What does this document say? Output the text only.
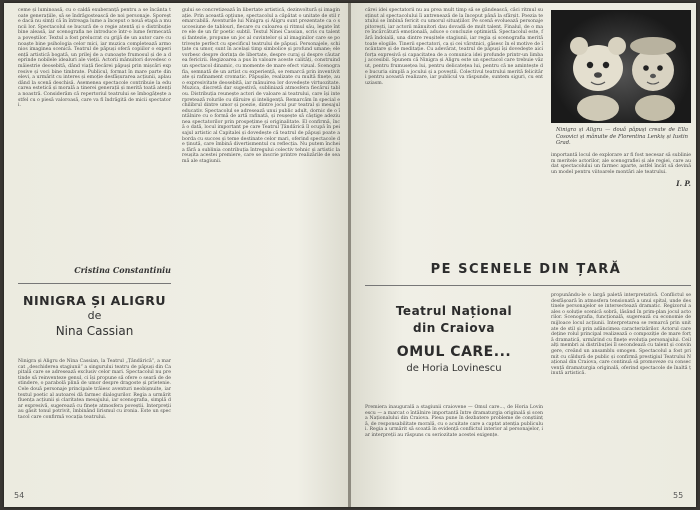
ceme și luminoasă, cu o caldă exuberanță pentru a se încânta toate generațiile, să se îndrăgostească de noi personaje. Sporește dacă nu simți că în întreaga lume a început o nouă etapă a muncii lor. Spectacolul se bucură de o regie atentă și o distribuție bine aleasă, iar scenografia ne introduce într-o lume fermecată a poveștilor. Textul a fost prelucrat cu grijă de un autor care cunoaște bine psihologia celor mici, iar muzica completează armonios imaginea scenică. Teatrul de păpuși oferă copiilor o experiență artistică bogată, un prilej de a cunoaște frumosul și de a deprinde nobilele idealuri ale vieții. Actorii mânuitori dovedesc o măiestrie deosebită, dând viață fiecărei păpuși prin mișcări expresive și voci bine timbrate. Publicul, format în mare parte din elevi, a urmărit cu interes și emoție desfășurarea acțiunii, aplaudând la scenă deschisă. Asemenea spectacole contribuie la educarea estetică și morală a tinerei generații și merită toată atenția noastră. Considerăm că repertoriul teatrului se îmbogățește astfel cu o piesă valoroasă, care va fi îndrăgită de micii spectatori.

Cristina Constantiniu

NINIGRA ȘI ALIGRU

de

Nina Cassian

Ninigra și Aligru de Nina Cassian, la Teatrul „Țăndărică”, a marcat „deschiderea stagiunii” a singurului teatru de păpuși din Capitală care se adresează exclusiv celor mari. Spectacolul nu pretinde să reinventeze genul, ci își propune să ofere o seară de destindere, o parabolă plină de umor despre dragoste și prietenie. Cele două personaje principale trăiesc aventuri neobișnuite, iar textul poetic al autoarei dă farmec dialogurilor. Regia a urmărit fluența acțiunii și claritatea mesajului, iar scenografia, simplă dar expresivă, sugerează cu finețe atmosfera poveștii. Interpreții au găsit tonul potrivit, îmbinând lirismul cu ironia. Este un spectacol care confirmă vocația teatrului.

gului se concretizează în libertate artistică, dezinvoltură și imaginație. Prin această opțiune, spectacolul a căpătat o unitate de stil remarcabilă. Aventurile lui Ninigra și Aligru sunt prezentate ca o succesiune de tablouri, fiecare cu culoarea și ritmul său, legate între ele de un fir poetic subtil. Textul Ninei Cassian, scris cu talent și fantezie, propune un joc al cuvintelor și al imaginilor care se potrivește perfect cu specificul teatrului de păpuși. Personajele, schițate cu umor, sunt în același timp simbolice și profund umane; ele vorbesc despre dorința de libertate, despre curaj și despre căutarea fericirii. Regizoarea a pus în valoare aceste calități, construind un spectacol dinamic, cu momente de mare efect vizual. Scenografia, semnată de un artist cu experiență, se remarcă prin inventivitate și rafinament cromatic. Păpușile, realizate cu multă finețe, au o expresivitate deosebită, iar mânuirea lor dovedește virtuozitate. Muzica, discretă dar sugestivă, subliniază atmosfera fiecărui tablou. Distribuția reunește actori de valoare ai teatrului, care își interpretează rolurile cu dăruire și inteligență. Remarcăm în special echilibrul dintre umor și poezie, dintre jocul pur teatral și mesajul educativ. Spectacolul se adresează unui public adult, dornic de o întâlnire cu o formă de artă rafinată, și reușește să câștige adeziunea spectatorilor prin prospețime și originalitate. El confirmă, încă o dată, locul important pe care Teatrul Țăndărică îl ocupă în peisajul artistic al Capitalei și dovedește că teatrul de păpuși poate aborda cu succes și teme destinate celor mari, oferind spectacole de ținută, care îmbină divertismentul cu reflecția. Nu putem încheia fără a sublinia contribuția întregului colectiv tehnic și artistic la reușita acestei premiere, care se înscrie printre realizările de seamă ale stagiunii.

54

cărei idei spectatorii nu au prea mult timp să se gândească, căci ritmul susținut al spectacolului îi antrenează de la început până la sfârșit. Poezia textului se îmbină fericit cu umorul situațiilor. Pe scenă evoluează personaje pitorești, iar actorii mânuitori dau dovadă de mult talent. Finalul, de o mare încărcătură emoțională, aduce o concluzie optimistă. Spectacolul este, fără îndoială, una dintre reușitele stagiunii, iar regia și scenografia merită toate elogiile. Tinerii spectatori, ca și cei vârstnici, găsesc în el motive de încântare și de meditație. Cu adevărat, teatrul de păpuși își dovedește aici forța expresivă și capacitatea de a comunica idei profunde printr-un limbaj accesibil. Spunem că Ninigra și Aligru este un spectacol care trebuie văzut, pentru frumusețea lui, pentru delicatețea lui, pentru că ne amintește de bucuria simplă a jocului și a poveștii. Colectivul teatrului merită felicitări pentru această realizare, iar publicul va răspunde, suntem siguri, cu entuziasm.

Ninigra și Aligru — două păpuși create de Ella Cosovici și mânuite de Florentina Lenkiș și Iustin Grad.

importantă locul de explorare ar fi fost necesar să subliniem meritele actorilor, ale scenografiei și ale regiei, care au dat spectacolului un farmec aparte, astfel încât să devină un model pentru viitoarele montări ale teatrului.

I. P.

PE SCENELE DIN ȚARĂ

Teatrul Național din Craiova

OMUL CARE...

de Horia Lovinescu

Premiera inaugurală a stagiunii craiovene — Omul care..., de Horia Lovinescu — a marcat o întâlnire importantă între dramaturgia originală și scena Naționalului din Craiova. Piesa pune în dezbatere probleme de conștiință, de responsabilitate morală, cu o acuitate care a captat atenția publicului. Regia a urmărit să scoată în evidență conflictul interior al personajelor, iar interpreții au răspuns cu seriozitate acestei exigențe.

propunându-le o largă paletă interpretativă. Conflictul se desfășoară în atmosfera tensionată a unui spital, unde destinele personajelor se intersectează dramatic. Regizorul a ales o soluție scenică sobră, lăsând în prim-plan jocul actorilor. Scenografia, funcțională, sugerează cu economie de mijloace locul acțiunii. Interpretarea se remarcă prin unitate de stil și prin adâncimea caracterizărilor. Actorul care deține rolul principal realizează o compoziție de mare forță dramatică, urmărind cu finețe evoluția personajului. Ceilalți membri ai distribuției îl secondează cu talent și convingere, creând un ansamblu omogen. Spectacolul a fost primit cu căldură de public și confirmă prestigiul Teatrului Național din Craiova, care continuă să promoveze cu consecvență dramaturgia originală, oferind spectacole de înaltă ținută artistică.

55
